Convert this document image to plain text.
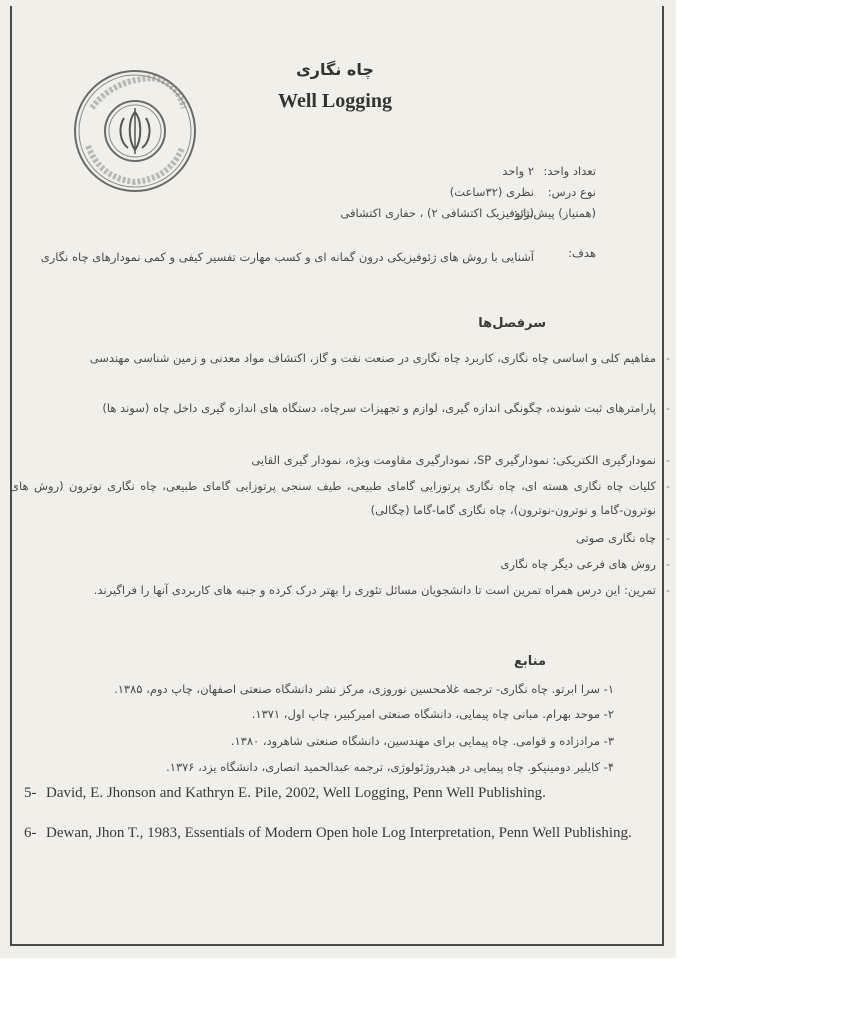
چاه نگاری
Well Logging
تعداد واحد:
۲ واحد
نوع درس:
نظری (۳۲ساعت)
(همنیاز) پیش‌نیاز:
(ژئوفیزیک اکتشافی ۲) ، حفاری اکتشافی
هدف:
آشنایی با روش های ژئوفیزیکی درون گمانه ای و کسب مهارت تفسیر کیفی و کمی نمودارهای چاه نگاری
سرفصل‌ها
-
مفاهیم کلی و اساسی چاه نگاری، کاربرد چاه نگاری در صنعت نفت و گاز، اکتشاف مواد معدنی و زمین شناسی مهندسی
-
پارامترهای ثبت شونده، چگونگی اندازه گیری، لوازم و تجهیزات سرچاه، دستگاه های اندازه گیری داخل چاه (سوند ها)
-
نمودارگیری الکتریکی: نمودارگیری SP، نمودارگیری مقاومت ویژه، نمودار گیری القایی
-
کلیات چاه نگاری هسته ای، چاه نگاری پرتوزایی گامای طبیعی، طیف سنجی پرتوزایی گامای طبیعی، چاه نگاری نوترون (روش های نوترون-گاما و نوترون-نوترون)، چاه نگاری گاما-گاما (چگالی)
-
چاه نگاری صوتی
-
روش های فرعی دیگر چاه نگاری
-
تمرین: این درس همراه تمرین است تا دانشجویان مسائل تئوری را بهتر درک کرده و جنبه های کاربردی آنها را فراگیرند.
منابع
۱- سرا ابرتو. چاه نگاری- ترجمه غلامحسین نوروزی، مرکز نشر دانشگاه صنعتی اصفهان، چاپ دوم، ۱۳۸۵.
۲- موحد بهرام. مبانی چاه پیمایی، دانشگاه صنعتی امیرکبیر، چاپ اول، ۱۳۷۱.
۳- مرادزاده و قوامی. چاه پیمایی برای مهندسین، دانشگاه صنعتی شاهرود، ۱۳۸۰.
۴- کایلیر دومینیکو. چاه پیمایی در هیدروژئولوژی، ترجمه عبدالحمید انصاری، دانشگاه یزد، ۱۳۷۶.
5- David, E. Jhonson and Kathryn E. Pile, 2002, Well Logging, Penn Well Publishing.
6- Dewan, Jhon T., 1983, Essentials of Modern Open hole Log Interpretation, Penn Well Publishing.
